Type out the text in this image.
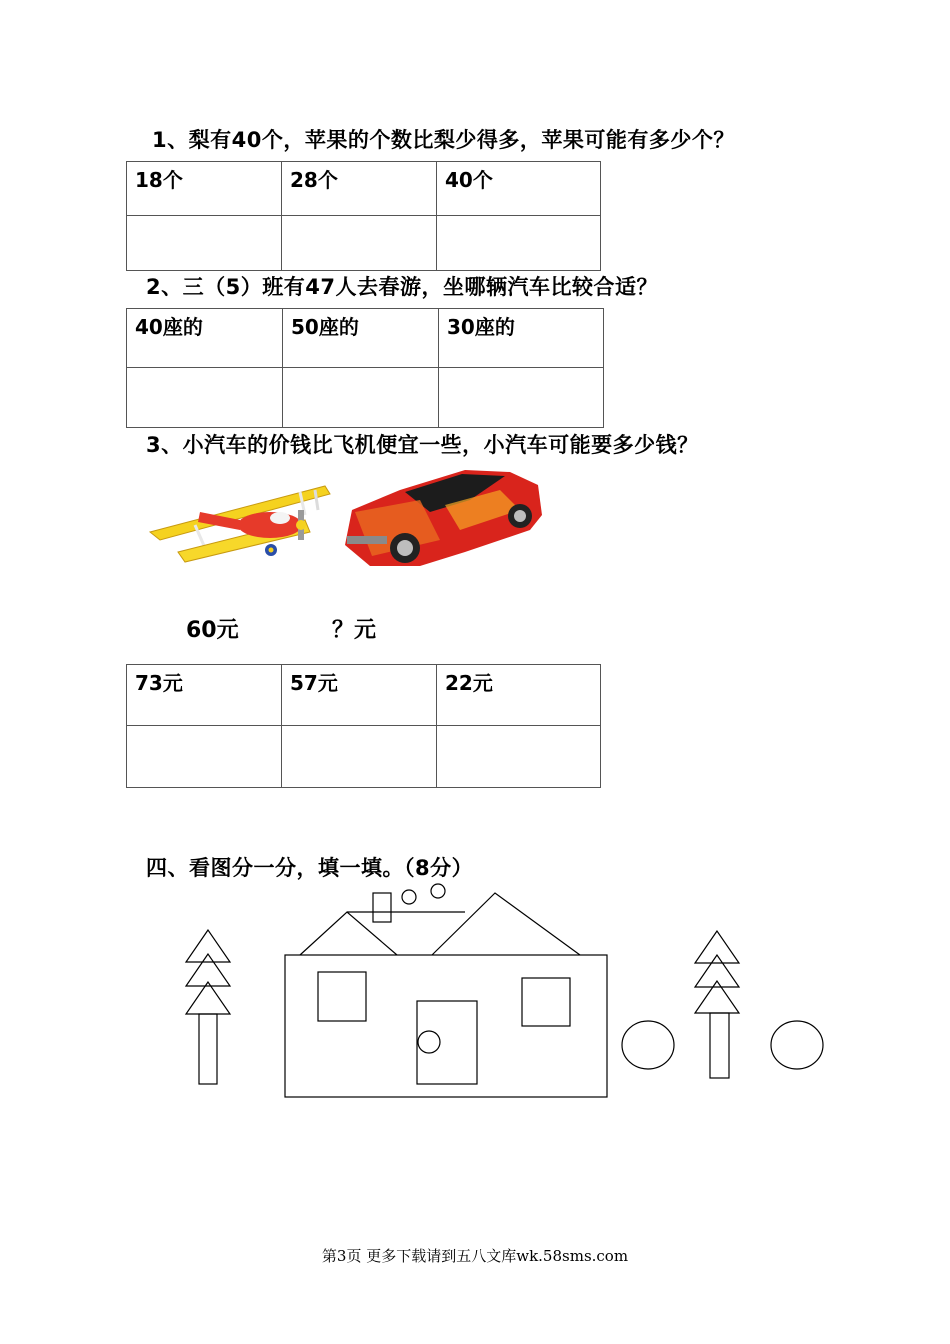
1、梨有40个，苹果的个数比梨少得多，苹果可能有多少个？
18个	28个	40个

2、三（5）班有47人去春游，坐哪辆汽车比较合适？
40座的	50座的	30座的

3、小汽车的价钱比飞机便宜一些，小汽车可能要多少钱？
60元	？元
73元	57元	22元

四、看图分一分，填一填。（8分）
第3页 更多下载请到五八文库wk.58sms.com
